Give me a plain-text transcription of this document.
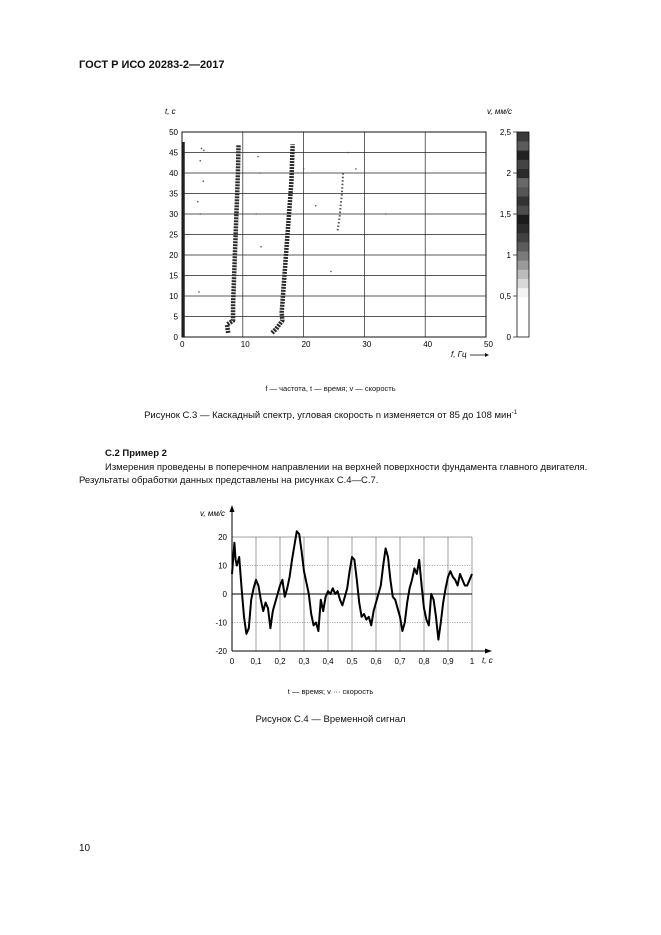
ГОСТ Р ИСО 20283-2—2017
0	10	20	30	40	50
0
5
10
15
20
25
30
35
40
45
50
t, с
f, Гц
0
0,5
1
1,5
2
2,5
v, мм/с
f — частота, t — время; v — скорость
Рисунок С.3 — Каскадный спектр, угловая скорость n изменяется от 85 до 108 мин$^{-1}$
С.2 Пример 2
Измерения проведены в поперечном направлении на верхней поверхности фундамента главного двигателя. Результаты обработки данных представлены на рисунках С.4—С.7.
0 0,1 0,2 0,3 0,4 0,5 0,6 0,7 0,8 0,9 1
-20
-10
0
10
20
v, мм/с
t, с
t — время; v ··· скорость
Рисунок С.4 — Временной сигнал
10
